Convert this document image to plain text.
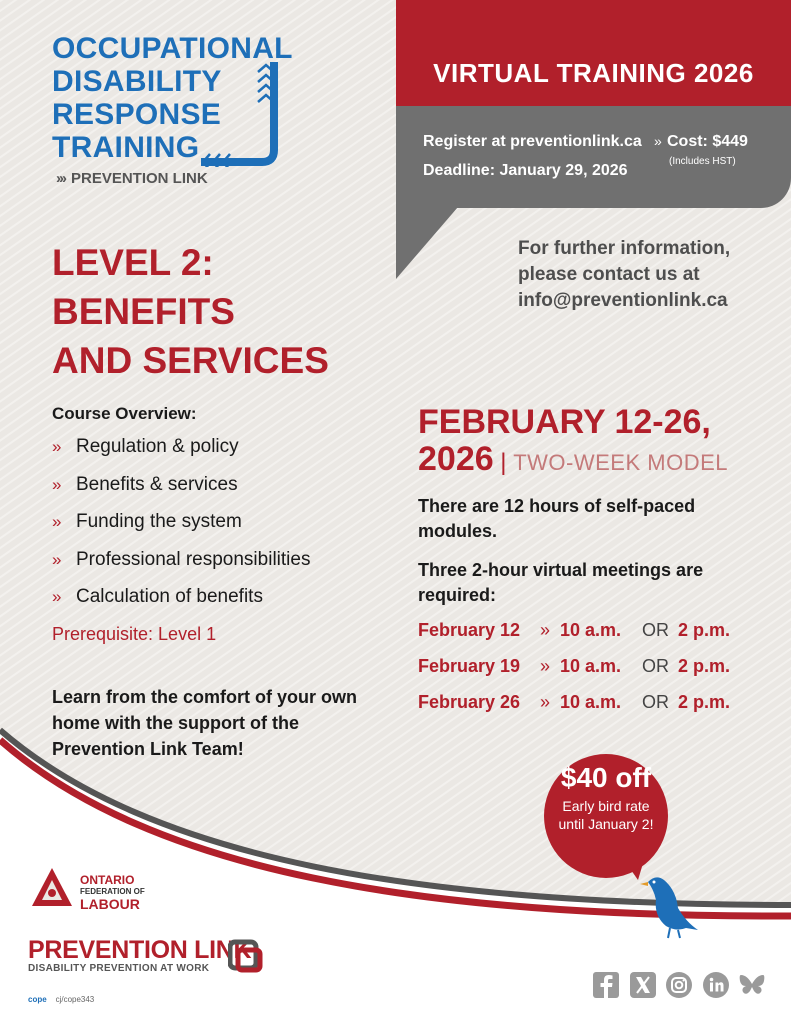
OCCUPATIONAL
DISABILITY
RESPONSE
TRAINING
››› PREVENTION LINK
VIRTUAL TRAINING 2026
Register at preventionlink.ca » Cost: $449
(Includes HST)
Deadline: January 29, 2026
For further information,
please contact us at
info@preventionlink.ca
LEVEL 2:
BENEFITS
AND SERVICES
Course Overview:
» Regulation & policy
» Benefits & services
» Funding the system
» Professional responsibilities
» Calculation of benefits
Prerequisite: Level 1
Learn from the comfort of your own home with the support of the Prevention Link Team!
FEBRUARY 12-26,
2026 | TWO-WEEK MODEL
There are 12 hours of self-paced modules.
Three 2-hour virtual meetings are required:
February 12 » 10 a.m. OR 2 p.m.
February 19 » 10 a.m. OR 2 p.m.
February 26 » 10 a.m. OR 2 p.m.
$40 off
Early bird rate
until January 2!
ONTARIO
FEDERATION OF
LABOUR
PREVENTION LINK
DISABILITY PREVENTION AT WORK
cope cj/cope343
